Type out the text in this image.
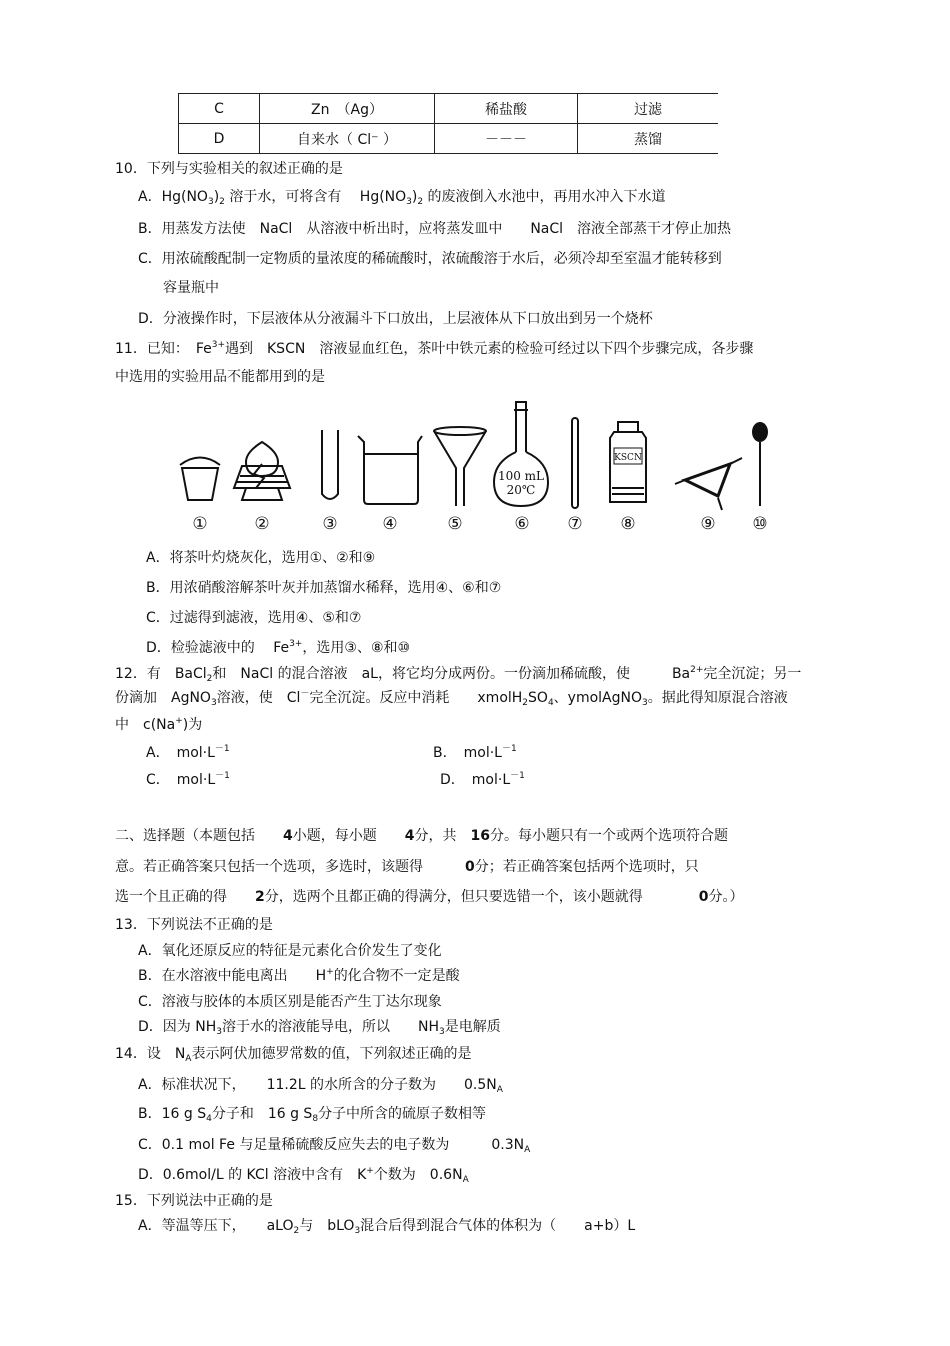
C	Zn　（Ag）	稀盐酸	过滤
D	自来水（ Cl⁻ ）	－－－	蒸馏
10．下列与实验相关的叙述正确的是
A．$Hg(NO_3)_2$ 溶于水，可将含有　 $Hg(NO_3)_2$ 的废液倒入水池中，再用水冲入下水道
B．用蒸发方法使　NaCl　从溶液中析出时，应将蒸发皿中　　NaCl　溶液全部蒸干才停止加热
C．用浓硫酸配制一定物质的量浓度的稀硫酸时，浓硫酸溶于水后，必须冷却至室温才能转移到
容量瓶中
D．分液操作时，下层液体从分液漏斗下口放出，上层液体从下口放出到另一个烧杯
11．已知：　$Fe^{3+}$遇到　KSCN　溶液显血红色，茶叶中铁元素的检验可经过以下四个步骤完成，各步骤
中选用的实验用品不能都用到的是
100 mL
20℃
KSCN
①	②	③	④	⑤	⑥ ⑦ ⑧	⑨ ⑩
A．将茶叶灼烧灰化，选用①、②和⑨
B．用浓硝酸溶解茶叶灰并加蒸馏水稀释，选用④、⑥和⑦
C．过滤得到滤液，选用④、⑤和⑦
D．检验滤液中的　 $Fe^{3+}$，选用③、⑧和⑩
12．有　BaCl$_2$和　NaCl 的混合溶液　aL，将它均分成两份。一份滴加稀硫酸，使　　　$Ba^{2+}$完全沉淀；另一
份滴加　AgNO$_3$溶液，使　Cl－完全沉淀。反应中消耗　　$xmolH_2SO_4$、ymolAgNO$_3$。据此得知原混合溶液
中　c(Na+)为
A．　 $mol\cdot L^{-1}$	B．　 $mol\cdot L^{-1}$
C．　 $mol\cdot L^{-1}$	D．　 $mol\cdot L^{-1}$
二、选择题（本题包括　　4小题，每小题　　4分，共　16分。每小题只有一个或两个选项符合题
意。若正确答案只包括一个选项，多选时，该题得　　　0分；若正确答案包括两个选项时，只
选一个且正确的得　　2分，选两个且都正确的得满分，但只要选错一个，该小题就得　　　　0分。）
13．下列说法不正确的是
A．氧化还原反应的特征是元素化合价发生了变化
B．在水溶液中能电离出　　H+的化合物不一定是酸
C．溶液与胶体的本质区别是能否产生丁达尔现象
D．因为 $NH_3$溶于水的溶液能导电，所以　　$NH_3$是电解质
14．设　$N_A$表示阿伏加德罗常数的值，下列叙述正确的是
A．标准状况下，　　11.2L 的水所含的分子数为　　$0.5N_A$
B．16 g $S_4$分子和　16 g $S_8$分子中所含的硫原子数相等
C．0.1 mol Fe 与足量稀硫酸反应失去的电子数为　　　$0.3N_A$
D．0.6mol/L 的 KCl 溶液中含有　K+个数为　$0.6N_A$
15．下列说法中正确的是
A．等温等压下，　　aLO$_2$与　bLO$_3$混合后得到混合气体的体积为（　　a+b）L
